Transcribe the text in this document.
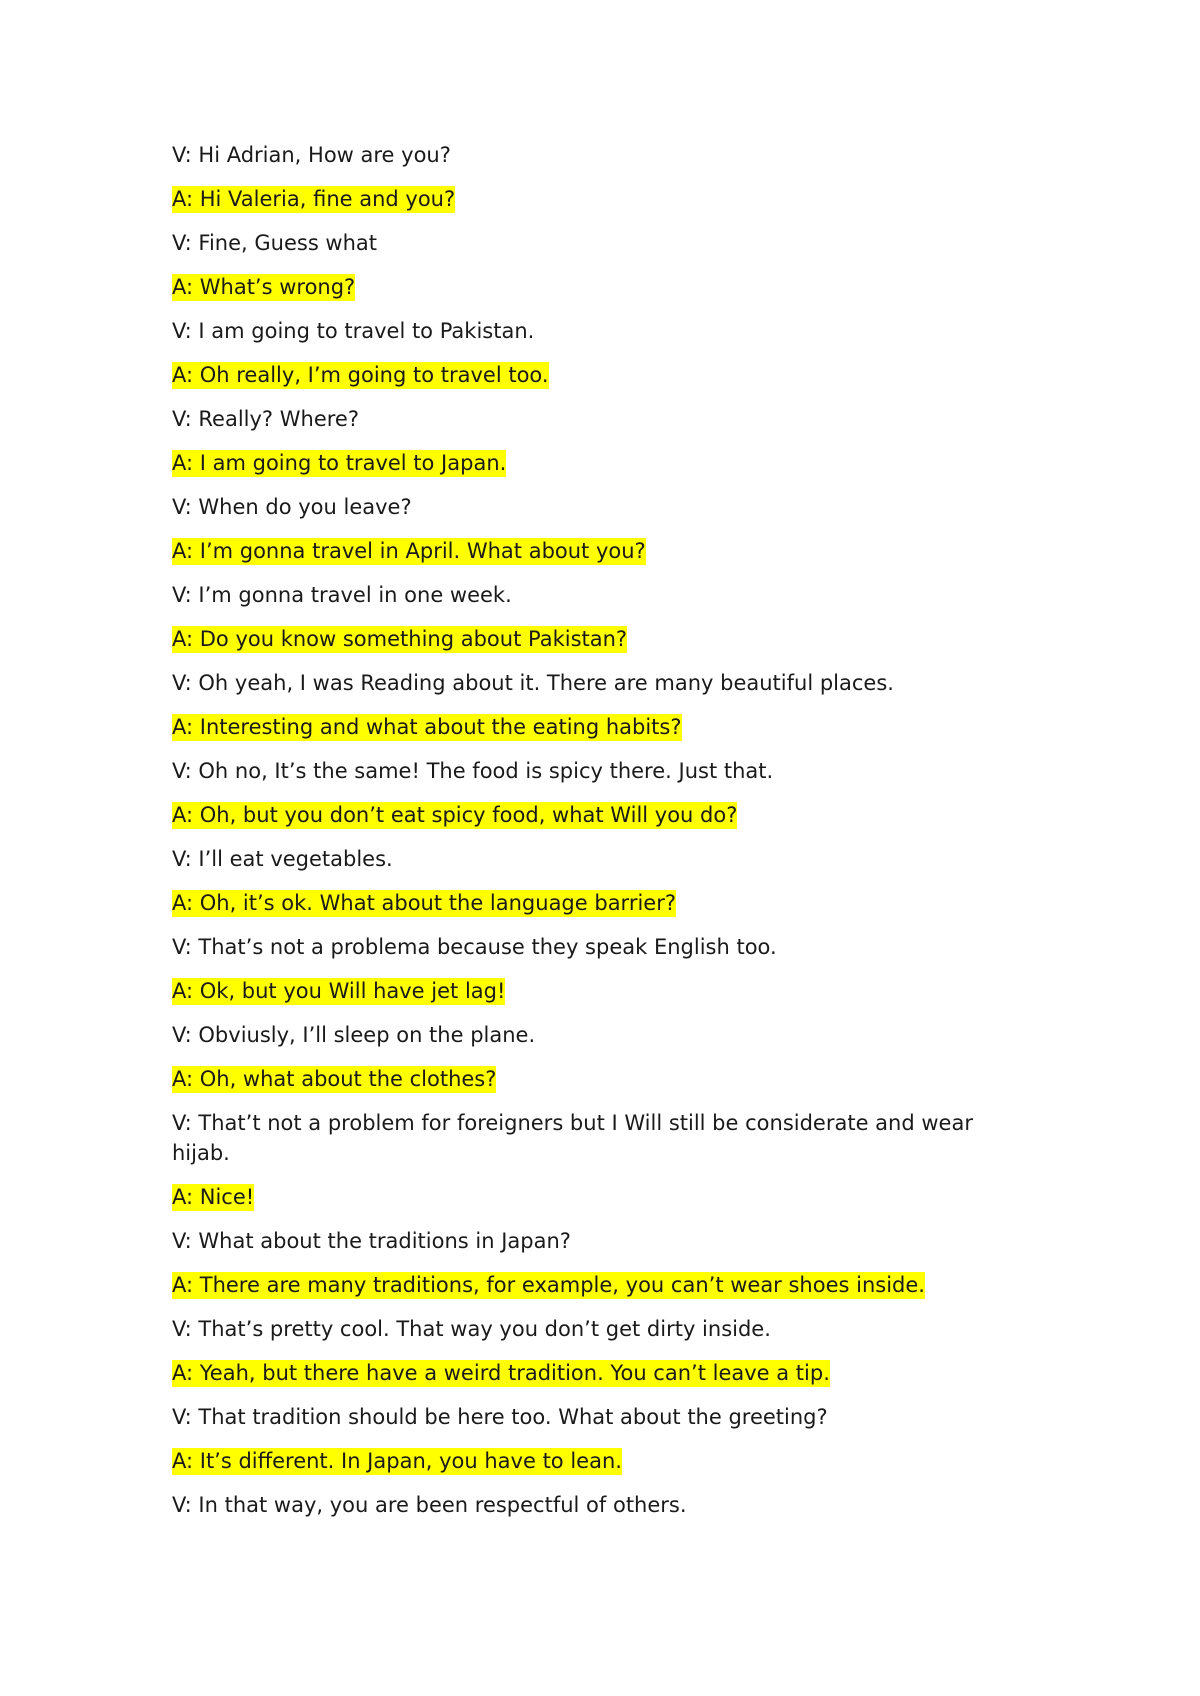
V: Hi Adrian, How are you?
A: Hi Valeria, fine and you?
V: Fine, Guess what
A: What’s wrong?
V: I am going to travel to Pakistan.
A: Oh really, I’m going to travel too.
V: Really? Where?
A: I am going to travel to Japan.
V: When do you leave?
A: I’m gonna travel in April. What about you?
V: I’m gonna travel in one week.
A: Do you know something about Pakistan?
V: Oh yeah, I was Reading about it. There are many beautiful places.
A: Interesting and what about the eating habits?
V: Oh no, It’s the same! The food is spicy there. Just that.
A: Oh, but you don’t eat spicy food, what Will you do?
V: I’ll eat vegetables.
A: Oh, it’s ok. What about the language barrier?
V: That’s not a problema because they speak English too.
A: Ok, but you Will have jet lag!
V: Obviusly, I’ll sleep on the plane.
A: Oh, what about the clothes?
V: That’t not a problem for foreigners but I Will still be considerate and wear hijab.
A: Nice!
V: What about the traditions in Japan?
A: There are many traditions, for example, you can’t wear shoes inside.
V: That’s pretty cool. That way you don’t get dirty inside.
A: Yeah, but there have a weird tradition. You can’t leave a tip.
V: That tradition should be here too. What about the greeting?
A: It’s different. In Japan, you have to lean.
V: In that way, you are been respectful of others.
